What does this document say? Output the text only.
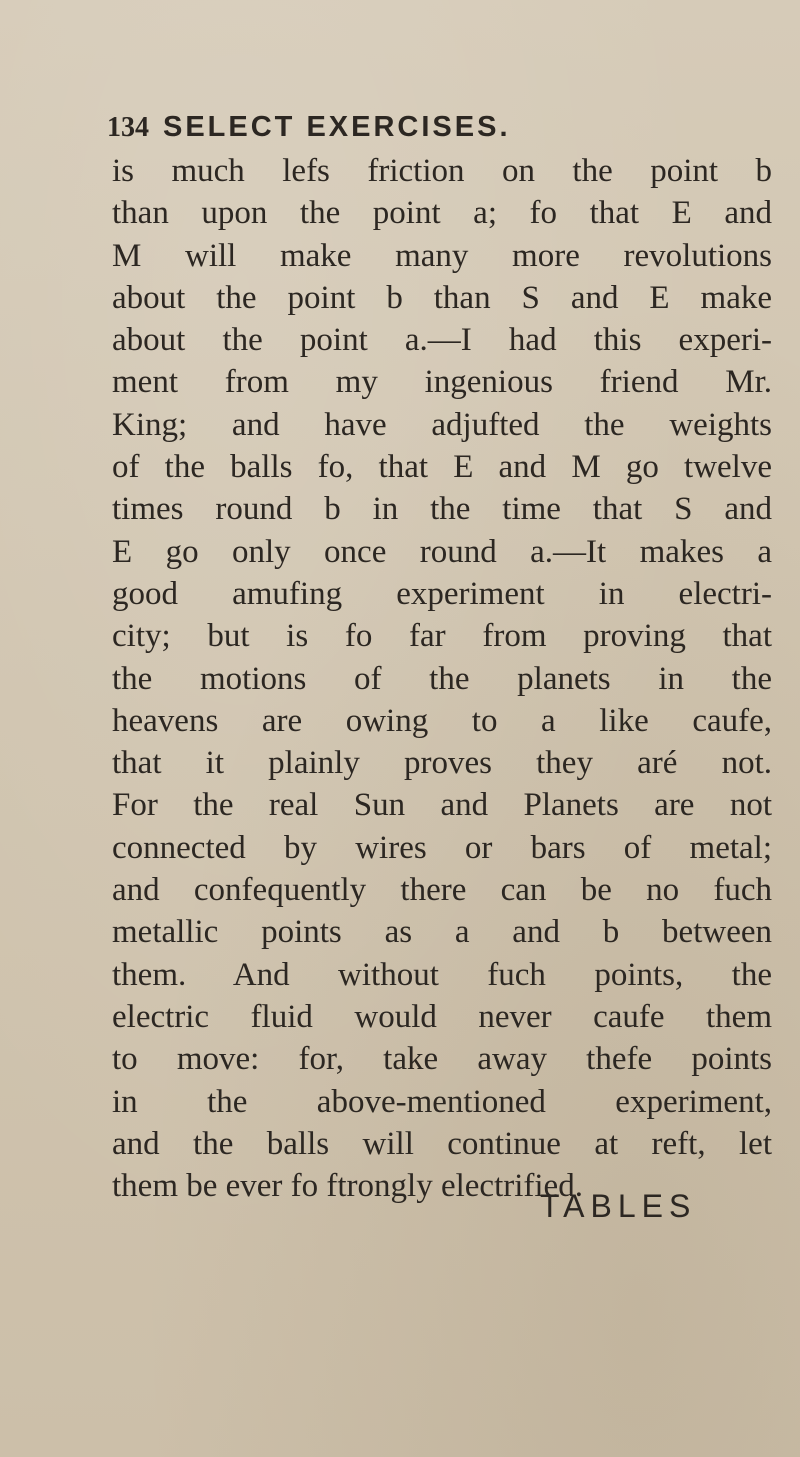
134 SELECT EXERCISES.
is much lefs friction on the point b
than upon the point a; fo that E and
M will make many more revolutions
about the point b than S and E make
about the point a.—I had this experi-
ment from my ingenious friend Mr.
King; and have adjufted the weights
of the balls fo, that E and M go twelve
times round b in the time that S and
E go only once round a.—It makes a
good amufing experiment in electri-
city; but is fo far from proving that
the motions of the planets in the
heavens are owing to a like caufe,
that it plainly proves they aré not.
For the real Sun and Planets are not
connected by wires or bars of metal;
and confequently there can be no fuch
metallic points as a and b between
them. And without fuch points, the
electric fluid would never caufe them
to move: for, take away thefe points
in the above-mentioned experiment,
and the balls will continue at reft, let
them be ever fo ftrongly electrified.
TABLES
